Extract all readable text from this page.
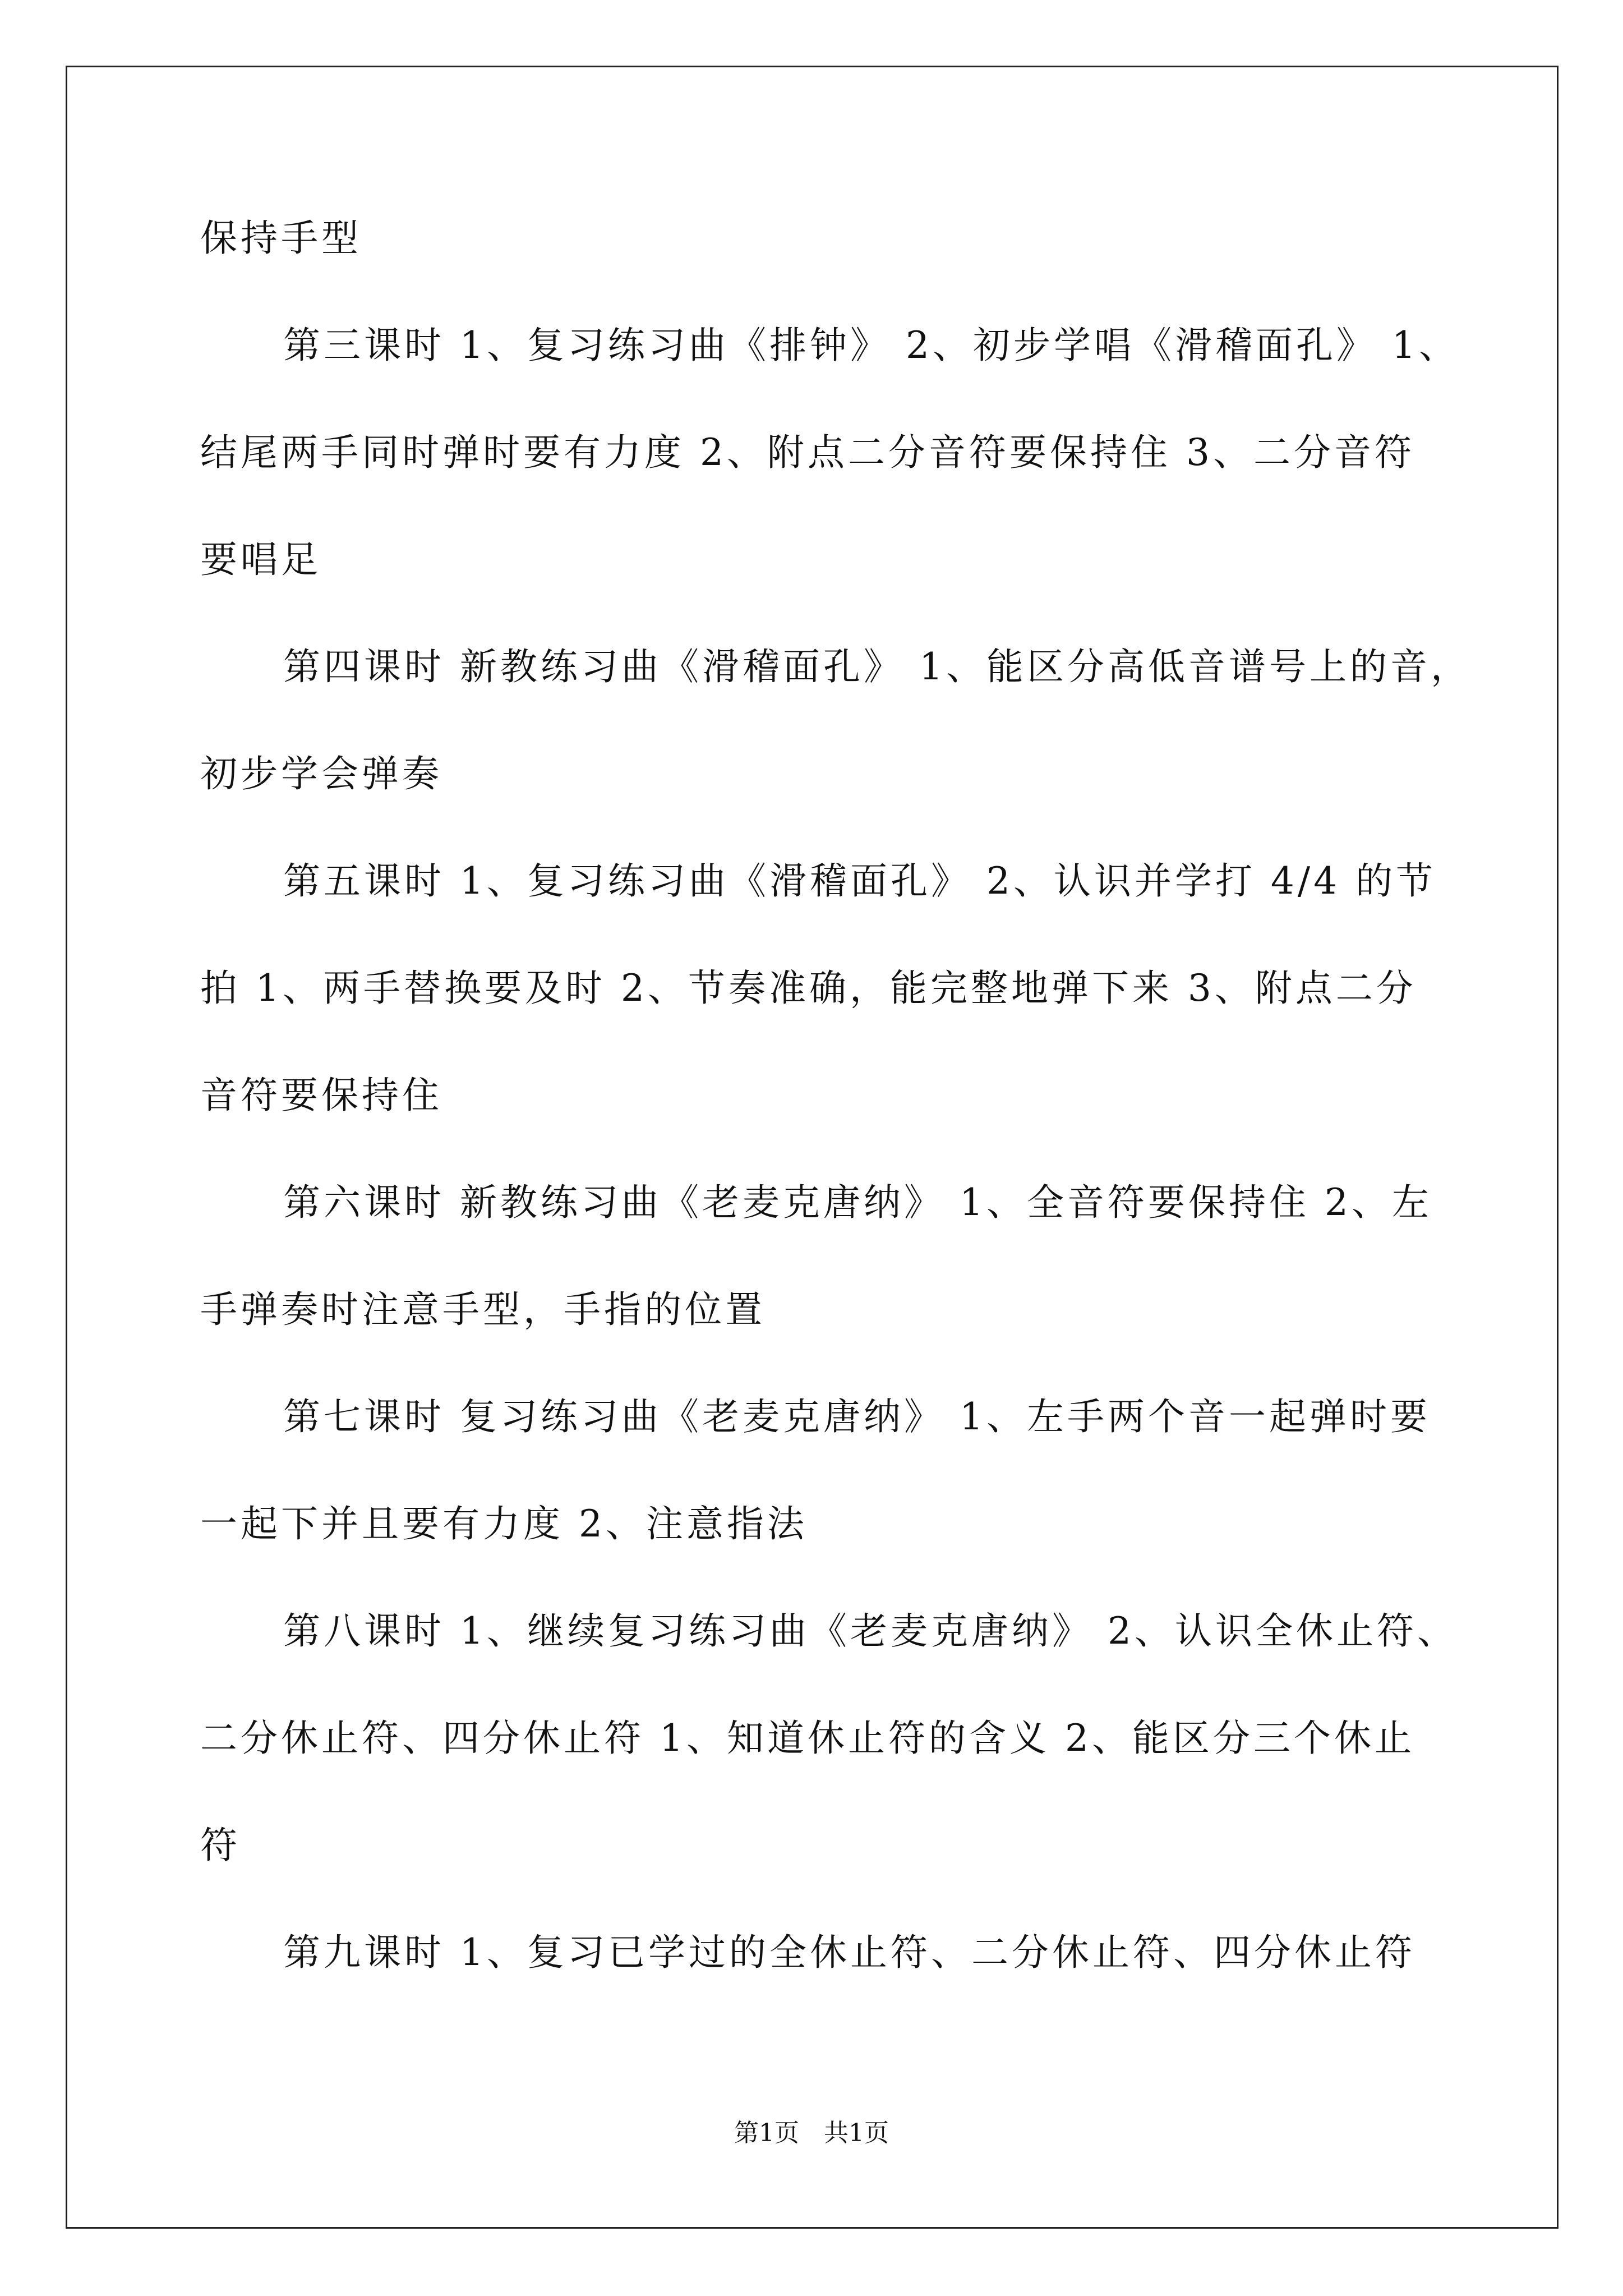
保持手型
第三课时 1、复习练习曲《排钟》 2、初步学唱《滑稽面孔》 1、
结尾两手同时弹时要有力度 2、附点二分音符要保持住 3、二分音符
要唱足
第四课时 新教练习曲《滑稽面孔》 1、能区分高低音谱号上的音，
初步学会弹奏
第五课时 1、复习练习曲《滑稽面孔》 2、认识并学打 4/4 的节
拍 1、两手替换要及时 2、节奏准确，能完整地弹下来 3、附点二分
音符要保持住
第六课时 新教练习曲《老麦克唐纳》 1、全音符要保持住 2、左
手弹奏时注意手型，手指的位置
第七课时 复习练习曲《老麦克唐纳》 1、左手两个音一起弹时要
一起下并且要有力度 2、注意指法
第八课时 1、继续复习练习曲《老麦克唐纳》 2、认识全休止符、
二分休止符、四分休止符 1、知道休止符的含义 2、能区分三个休止
符
第九课时 1、复习已学过的全休止符、二分休止符、四分休止符
第1页　共1页
